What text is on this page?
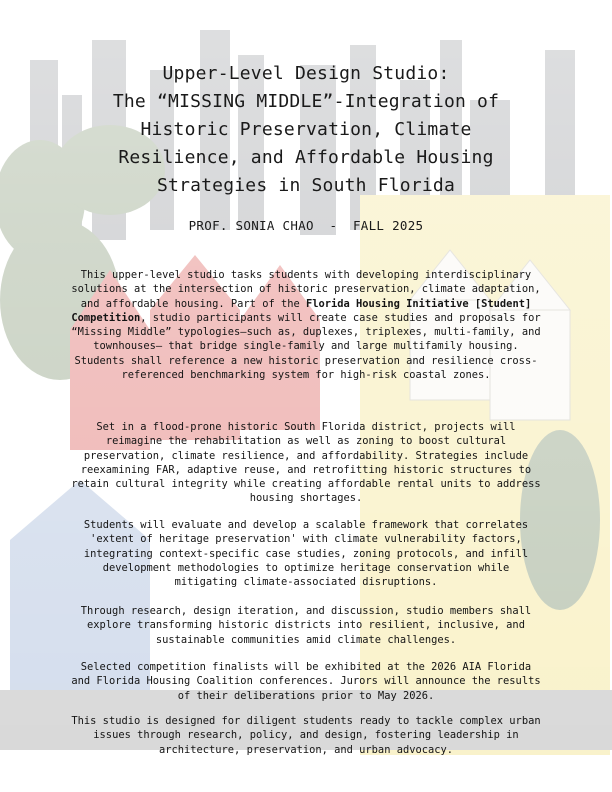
Upper-Level Design Studio:
The “MISSING MIDDLE”-Integration of
Historic Preservation, Climate
Resilience, and Affordable Housing
Strategies in South Florida
PROF. SONIA CHAO - FALL 2025

This upper-level studio tasks students with developing interdisciplinary solutions at the intersection of historic preservation, climate adaptation, and affordable housing. Part of the Florida Housing Initiative [Student] Competition, studio participants will create case studies and proposals for “Missing Middle” typologies–such as, duplexes, triplexes, multi-family, and townhouses– that bridge single-family and large multifamily housing. Students shall reference a new historic preservation and resilience cross-referenced benchmarking system for high-risk coastal zones.

Set in a flood-prone historic South Florida district, projects will reimagine the rehabilitation as well as zoning to boost cultural preservation, climate resilience, and affordability. Strategies include reexamining FAR, adaptive reuse, and retrofitting historic structures to retain cultural integrity while creating affordable rental units to address housing shortages.

Students will evaluate and develop a scalable framework that correlates 'extent of heritage preservation' with climate vulnerability factors, integrating context-specific case studies, zoning protocols, and infill development methodologies to optimize heritage conservation while mitigating climate-associated disruptions.

Through research, design iteration, and discussion, studio members shall explore transforming historic districts into resilient, inclusive, and sustainable communities amid climate challenges.

Selected competition finalists will be exhibited at the 2026 AIA Florida and Florida Housing Coalition conferences. Jurors will announce the results of their deliberations prior to May 2026.

This studio is designed for diligent students ready to tackle complex urban issues through research, policy, and design, fostering leadership in architecture, preservation, and urban advocacy.
